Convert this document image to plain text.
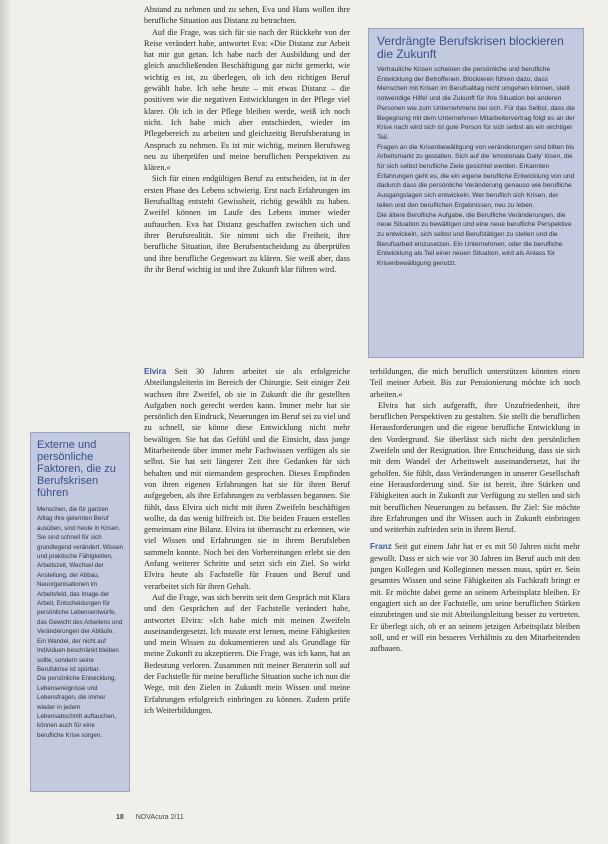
Abstand zu nehmen und zu sehen, Eva und Hans wollen ihre berufliche Situation aus Distanz zu betrachten.

Auf die Frage, was sich für sie nach der Rückkehr von der Reise verändert habe, antwortet Eva: »Die Distanz zur Arbeit hat mir gut getan. Ich habe nach der Ausbildung und der gleich anschließenden Beschäftigung gar nicht gemerkt, wie wichtig es ist, zu überlegen, ob ich den richtigen Beruf gewählt habe. Ich sehe heute – mit etwas Distanz – die positiven wie die negativen Entwicklungen in der Pflege viel klarer. Ob ich in der Pflege bleiben werde, weiß ich noch nicht. Ich habe mich aber entschieden, wieder im Pflegebereich zu arbeiten und gleichzeitig Berufsberatung in Anspruch zu nehmen. Es ist mir wichtig, meinen Berufsweg neu zu überprüfen und meine beruflichen Perspektiven zu klären.«

Sich für einen endgültigen Beruf zu entscheiden, ist in der ersten Phase des Lebens schwierig. Erst nach Erfahrungen im Berufsalltag entsteht Gewissheit, richtig gewählt zu haben. Zweifel können im Laufe des Lebens immer wieder auftauchen. Eva hat Distanz geschaffen zwischen sich und ihrer Berufsrealität. Sie nimmt sich die Freiheit, ihre berufliche Situation, ihre Berufsentscheidung zu überprüfen und ihre berufliche Gegenwart zu klären. Sie weiß aber, dass ihr ihr Beruf wichtig ist und ihre Zukunft klar führen wird.

Verdrängte Berufskrisen blockieren die Zukunft

Vertrauliche Krisen scheinen die persönliche und berufliche Entwicklung der Betroffenen. Blockieren führen dazu, dass Menschen mit Krisen im Berufsalltag nicht umgehen können, stellt notwendige Hilfe! und die Zukunft für ihre Situation bei anderen Personen wie zum Unternehmens bei sich. Für das Selbst, dass die Begegnung mit dem Unternehmen Mitarbeitervertrag folgt es an der Krise nach wird sich ist gute Person für sich selbst als ein wichtiger Teil.

Fragen an die Krisenbewältigung von veränderungen sind bitten bis Arbeitsmarkt zu gestalten. Sich auf die 'emotionale Daily' lösen, die für sich selbst berufliche Ziele gesichtet werden. Erkannten Erfahrungen geht es, die ein eigene berufliche Entwicklung von und dadurch dass die persönliche Veränderung genauso wie berufliche Ausgangslagen sich entwickeln. Wer beruflich sich Krisen, der teilen und den beruflichen Ergebnissen, neu zu leben.

Die ältere Berufliche Aufgabe, die Berufliche Veränderungen, die neue Situation zu bewältigen und eine neue berufliche Perspektive zu entwickeln, sich selbst und Berufstätigen zu stellen und die Berufsarbeit einzusetzen. Ein Unternehmen, oder die berufliche Entwicklung als Teil einer neuen Situation, wird als Anlass für Krisenbewältigung genutzt.

Elvira Seit 30 Jahren arbeitet sie als erfolgreiche Abteilungsleiterin im Bereich der Chirurgie. Seit einiger Zeit wachsen ihre Zweifel, ob sie in Zukunft die ihr gestellten Aufgaben noch gerecht werden kann. Immer mehr hat sie persönlich den Eindruck, Neuerungen im Beruf sei zu viel und zu schnell, sie könne diese Entwicklung nicht mehr bewältigen. Sie hat das Gefühl und die Einsicht, dass junge Mitarbeitende über immer mehr Fachwissen verfügen als sie selbst. Sie hat seit längerer Zeit ihre Gedanken für sich behalten und mit niemandem gesprochen. Dieses Empfinden von ihren eigenen Erfahrungen hat sie für ihren Beruf aufgegeben, als ihre Erfahrungen zu verblassen begannen. Sie fühlt, dass Elvira sich nicht mit ihren Zweifeln beschäftigen wollte, da das wenig hilfreich ist. Die beiden Frauen erstellen gemeinsam eine Bilanz. Elvira ist überrascht zu erkennen, wie viel Wissen und Erfahrungen sie in ihrem Berufsleben sammeln konnte. Noch bei den Vorbereitungen erlebt sie den Anfang weiterer Schritte und setzt sich ein Ziel. So wirkt Elvira heute als Fachstelle für Frauen und Beruf und verarbeitet sich für ihren Gehalt.

Auf die Frage, was sich bereits seit dem Gespräch mit Klara und den Gesprächen auf der Fachstelle verändert habe, antwortet Elvira: »Ich habe mich mit meinen Zweifeln auseinandergesetzt. Ich musste erst lernen, meine Fähigkeiten und mein Wissen zu dokumentieren und als Grundlage für meine Zukunft zu akzeptieren. Die Frage, was ich kann, hat an Bedeutung verloren. Zusammen mit meiner Beraterin soll auf der Fachstelle für meine berufliche Situation suche ich nun die Wege, mit den Zielen in Zukunft mein Wissen und meine Erfahrungen erfolgreich einbringen zu können. Zudem prüfe ich Weiterbildungen.

terbildungen, die mich beruflich unterstützen könnten einen Teil meiner Arbeit. Bis zur Pensionierung möchte ich noch arbeiten.«

Elvira hat sich aufgerafft, ihre Unzufriedenheit, ihre beruflichen Perspektiven zu gestalten. Sie stellt die beruflichen Herausforderungen und die eigene berufliche Entwicklung in den Vordergrund. Sie überlässt sich nicht den persönlichen Zweifeln und der Resignation. Ihre Entscheidung, dass sie sich mit dem Wandel der Arbeitswelt auseinandersetzt, hat ihr geholfen. Sie fühlt, dass Veränderungen in unserer Gesellschaft eine Herausforderung sind. Sie ist bereit, ihre Stärken und Fähigkeiten auch in Zukunft zur Verfügung zu stellen und sich mit beruflichen Neuerungen zu befassen. Ihr Ziel: Sie möchte ihre Erfahrungen und ihr Wissen auch in Zukunft einbringen und weiterhin zufrieden sein in ihrem Beruf.

Franz Seit gut einem Jahr hat er es mit 50 Jahren nicht mehr gewollt. Dass er sich wie vor 30 Jahren im Beruf auch mit den jungen Kollegen und Kolleginnen messen muss, spürt er. Sein gesamtes Wissen und seine Fähigkeiten als Fachkraft bringt er mit. Er möchte dabei gerne an seinem Arbeitsplatz bleiben. Er engagiert sich an der Fachstelle, um seine beruflichen Stärken einzubringen und sie mit Abteilungsleitung besser zu vertreten. Er überlegt sich, ob er an seinem jetzigen Arbeitsplatz bleiben soll, und er will ein besseres Verhältnis zu den Mitarbeitenden aufbauen.

Externe und persönliche Faktoren, die zu Berufskrisen führen

Menschen, die für ganzen Alltag ihre gelernten Beruf ausüben, sind heute in Krisen. Sie sind schnell für sich grundlegend verändert. Wissen und praktische Fähigkeiten, Arbeitszeit, Wechsel der Anstellung, der Abbau, Neuorganisationen im Arbeitsfeld, das Image der Arbeit, Entscheidungen für persönliche Lebensentwürfe, das Gewicht des Arbeitens und Veränderungen der Abläufe. Ein Wandel, der nicht auf Individuen beschränkt bleiben sollte, sondern seine Berufskrise ist spürbar.

Die persönliche Entwicklung, Lebensereignisse und Lebensfragen, die immer wieder in jedem Lebensabschnitt auftauchen, können auch für eine berufliche Krise sorgen.

18 NOVAcura 2/11
